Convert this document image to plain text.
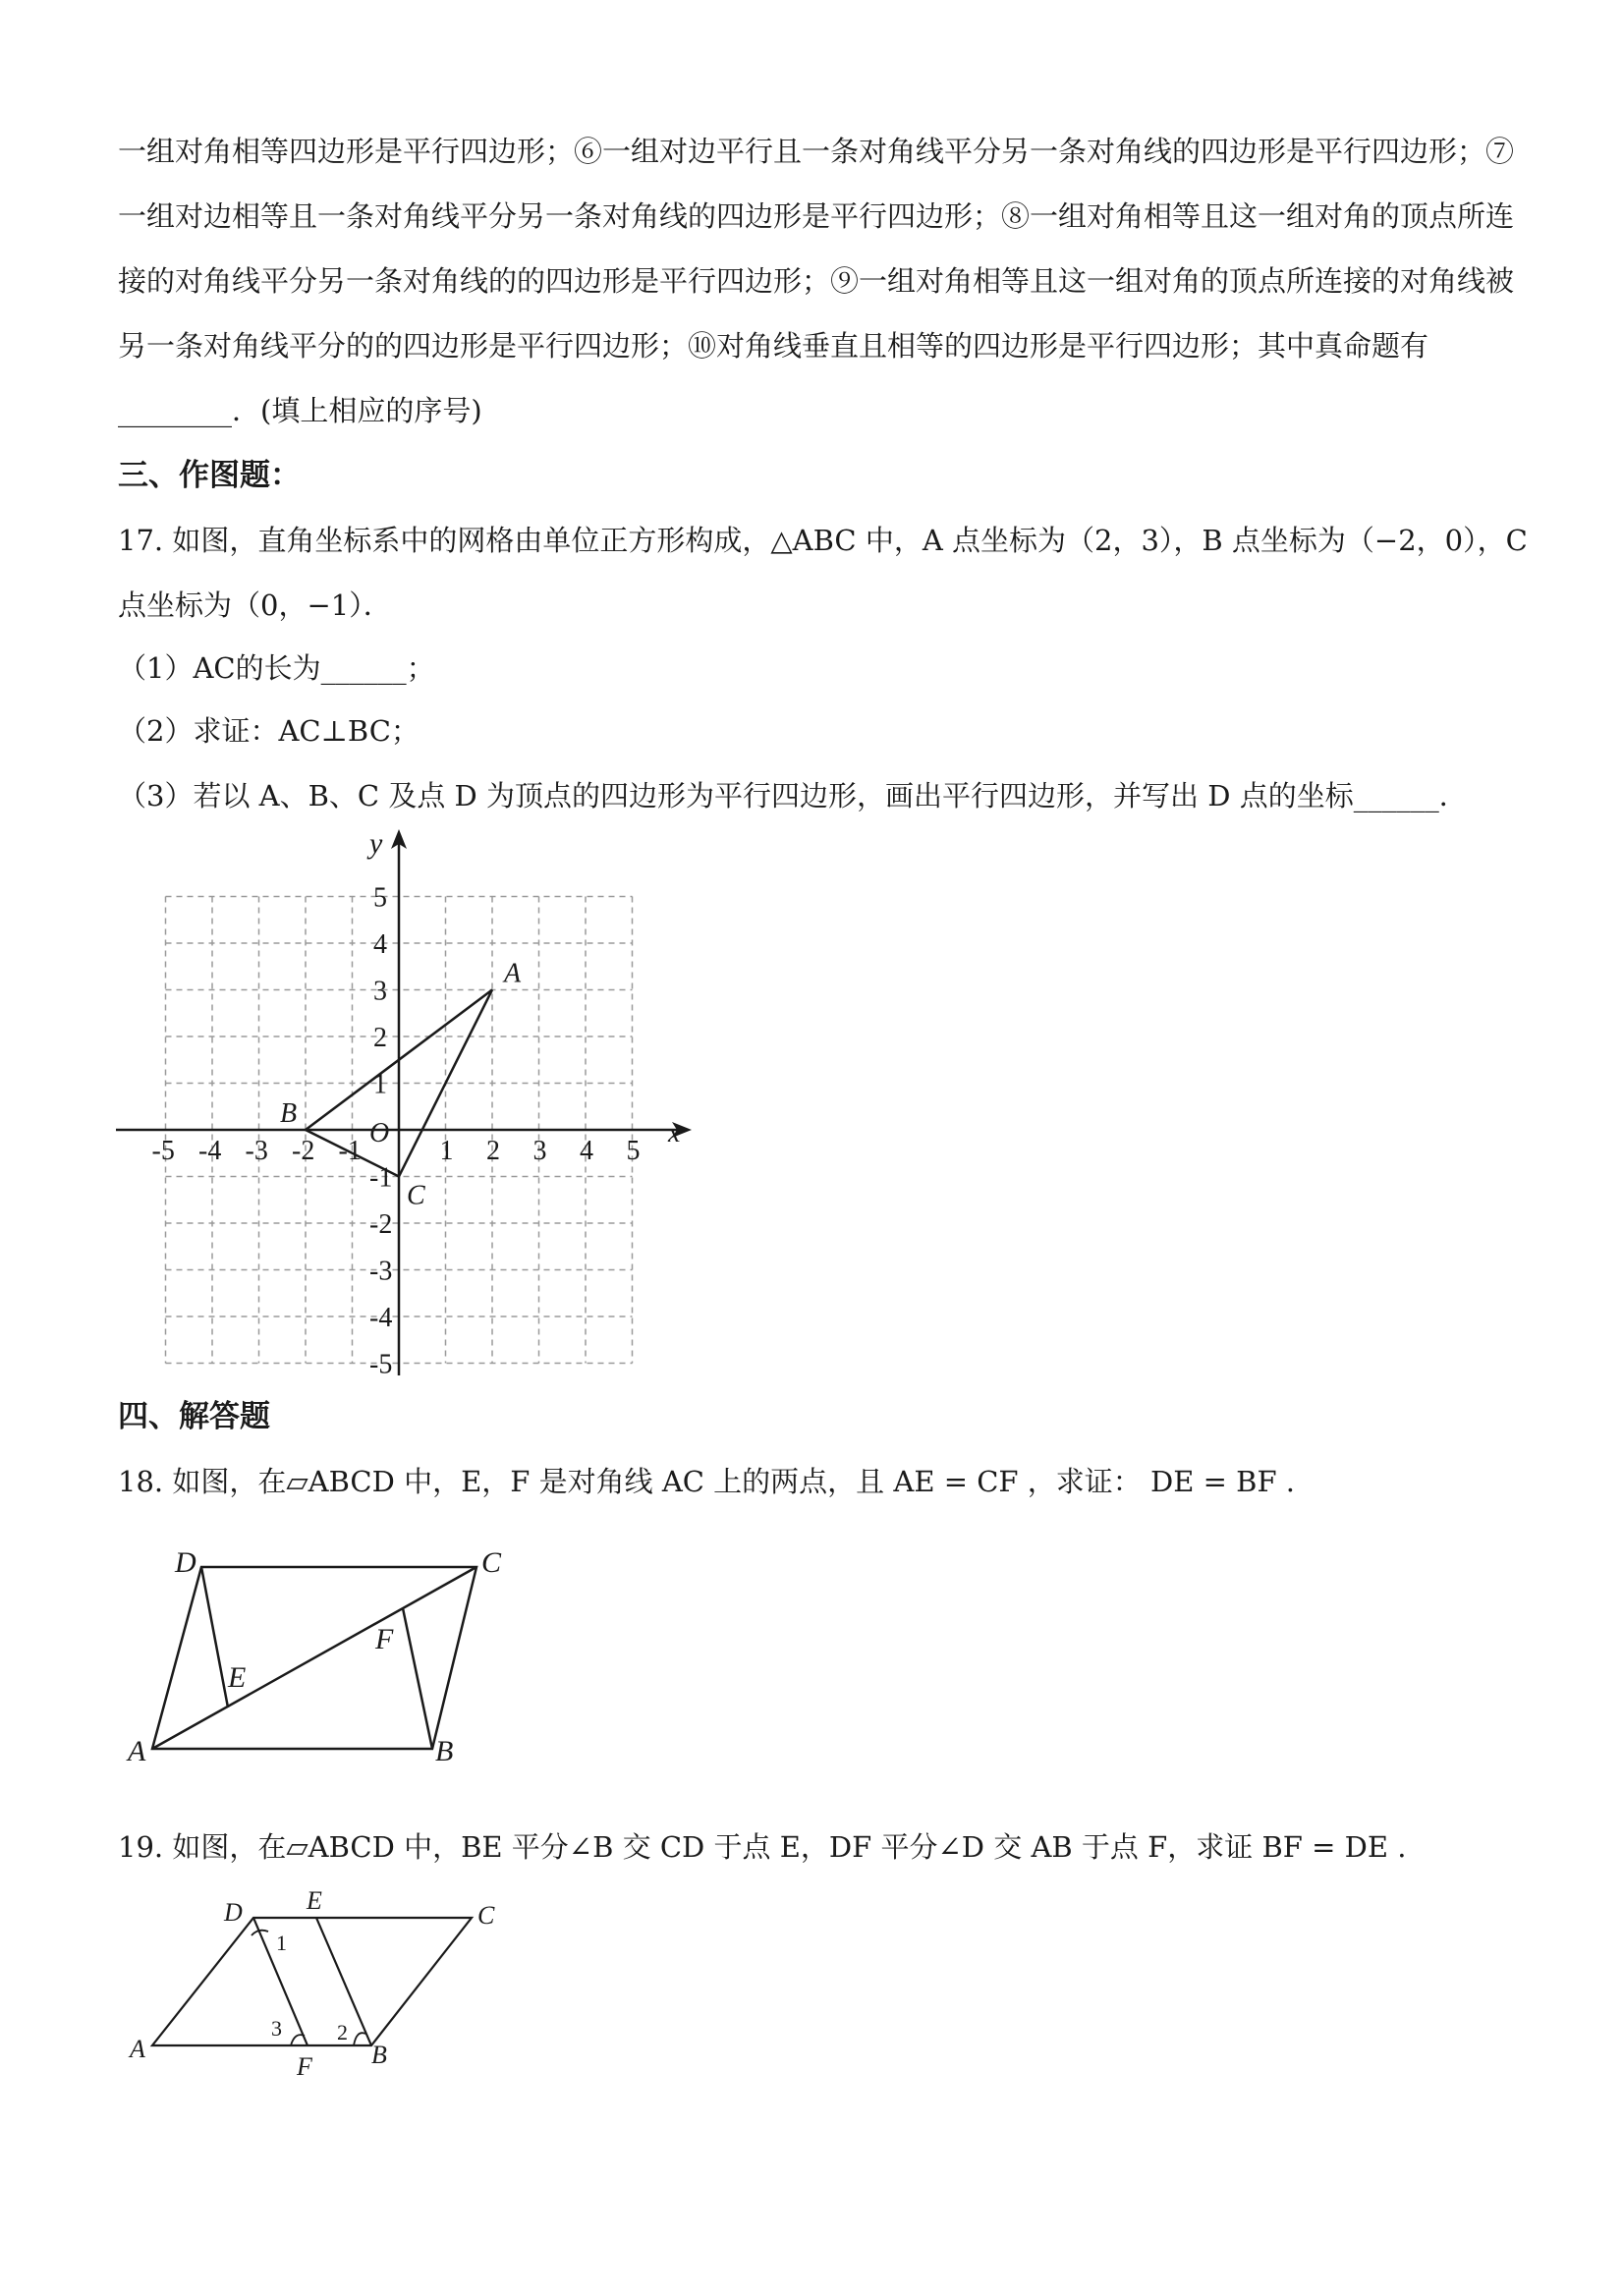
一组对角相等四边形是平行四边形；⑥一组对边平行且一条对角线平分另一条对角线的四边形是平行四边形；⑦
一组对边相等且一条对角线平分另一条对角线的四边形是平行四边形；⑧一组对角相等且这一组对角的顶点所连
接的对角线平分另一条对角线的的四边形是平行四边形；⑨一组对角相等且这一组对角的顶点所连接的对角线被
另一条对角线平分的的四边形是平行四边形；⑩对角线垂直且相等的四边形是平行四边形；其中真命题有
________．(填上相应的序号)
三、作图题：
17. 如图，直角坐标系中的网格由单位正方形构成，△ABC 中，A 点坐标为（2，3），B 点坐标为（−2，0），C
点坐标为（0，−1）．
（1）AC的长为______；
（2）求证：AC⊥BC；
（3）若以 A、B、C 及点 D 为顶点的四边形为平行四边形，画出平行四边形，并写出 D 点的坐标______．
-5 -4 -3 -2 -1	1 2 3 4 5
5
4
3
2
1
-1
-2
-3
-4
-5
A
B
C
x
y
O
四、解答题
18. 如图，在▱ABCD 中，E，F 是对角线 AC 上的两点，且 AE = CF ，求证： DE = BF .
D	C
E
F
A	B
19. 如图，在▱ABCD 中，BE 平分∠B 交 CD 于点 E，DF 平分∠D 交 AB 于点 F，求证 BF = DE .
D	E
C
1
3	2
A
F B
